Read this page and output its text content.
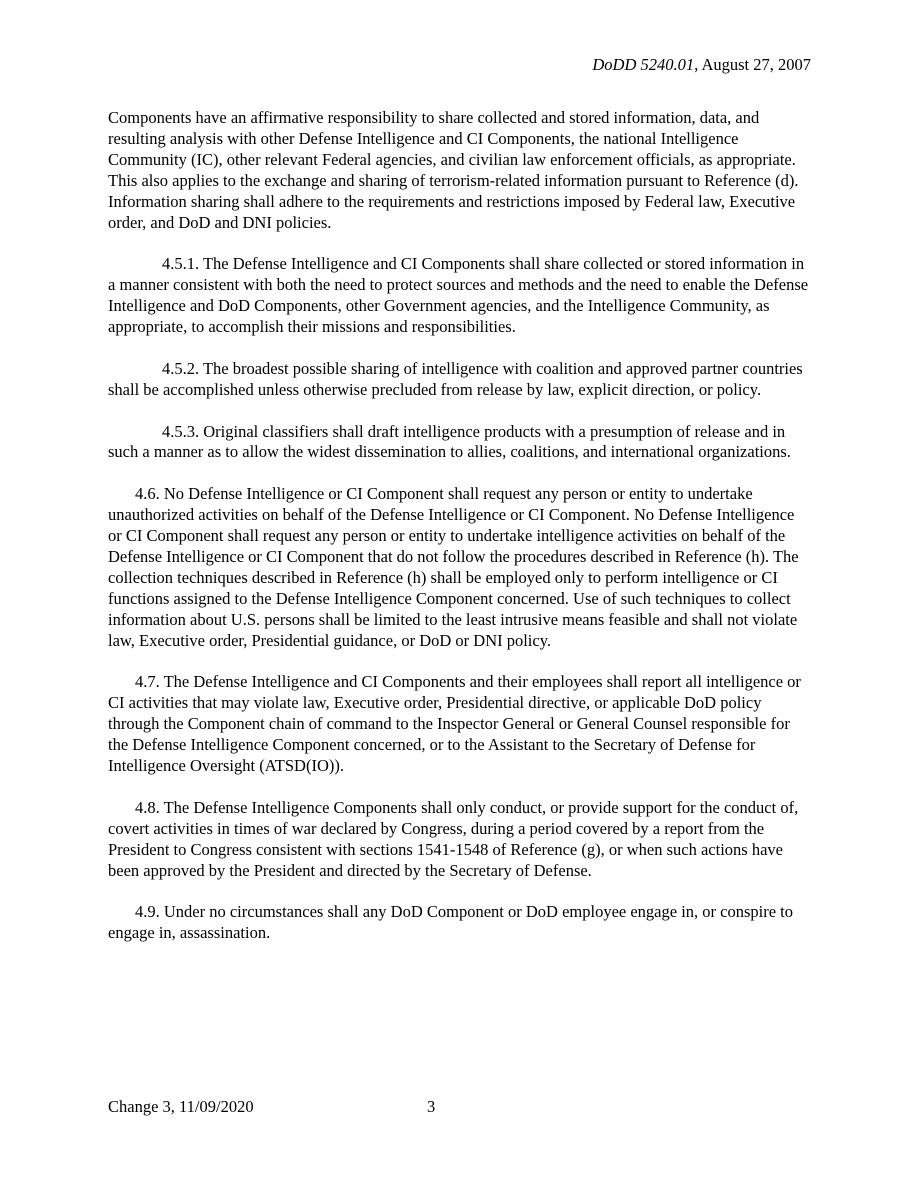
DoDD 5240.01, August 27, 2007

Components have an affirmative responsibility to share collected and stored information, data, and resulting analysis with other Defense Intelligence and CI Components, the national Intelligence Community (IC), other relevant Federal agencies, and civilian law enforcement officials, as appropriate. This also applies to the exchange and sharing of terrorism-related information pursuant to Reference (d). Information sharing shall adhere to the requirements and restrictions imposed by Federal law, Executive order, and DoD and DNI policies.

4.5.1. The Defense Intelligence and CI Components shall share collected or stored information in a manner consistent with both the need to protect sources and methods and the need to enable the Defense Intelligence and DoD Components, other Government agencies, and the Intelligence Community, as appropriate, to accomplish their missions and responsibilities.

4.5.2. The broadest possible sharing of intelligence with coalition and approved partner countries shall be accomplished unless otherwise precluded from release by law, explicit direction, or policy.

4.5.3. Original classifiers shall draft intelligence products with a presumption of release and in such a manner as to allow the widest dissemination to allies, coalitions, and international organizations.

4.6. No Defense Intelligence or CI Component shall request any person or entity to undertake unauthorized activities on behalf of the Defense Intelligence or CI Component. No Defense Intelligence or CI Component shall request any person or entity to undertake intelligence activities on behalf of the Defense Intelligence or CI Component that do not follow the procedures described in Reference (h). The collection techniques described in Reference (h) shall be employed only to perform intelligence or CI functions assigned to the Defense Intelligence Component concerned. Use of such techniques to collect information about U.S. persons shall be limited to the least intrusive means feasible and shall not violate law, Executive order, Presidential guidance, or DoD or DNI policy.

4.7. The Defense Intelligence and CI Components and their employees shall report all intelligence or CI activities that may violate law, Executive order, Presidential directive, or applicable DoD policy through the Component chain of command to the Inspector General or General Counsel responsible for the Defense Intelligence Component concerned, or to the Assistant to the Secretary of Defense for Intelligence Oversight (ATSD(IO)).

4.8. The Defense Intelligence Components shall only conduct, or provide support for the conduct of, covert activities in times of war declared by Congress, during a period covered by a report from the President to Congress consistent with sections 1541-1548 of Reference (g), or when such actions have been approved by the President and directed by the Secretary of Defense.

4.9. Under no circumstances shall any DoD Component or DoD employee engage in, or conspire to engage in, assassination.

Change 3, 11/09/2020	3
